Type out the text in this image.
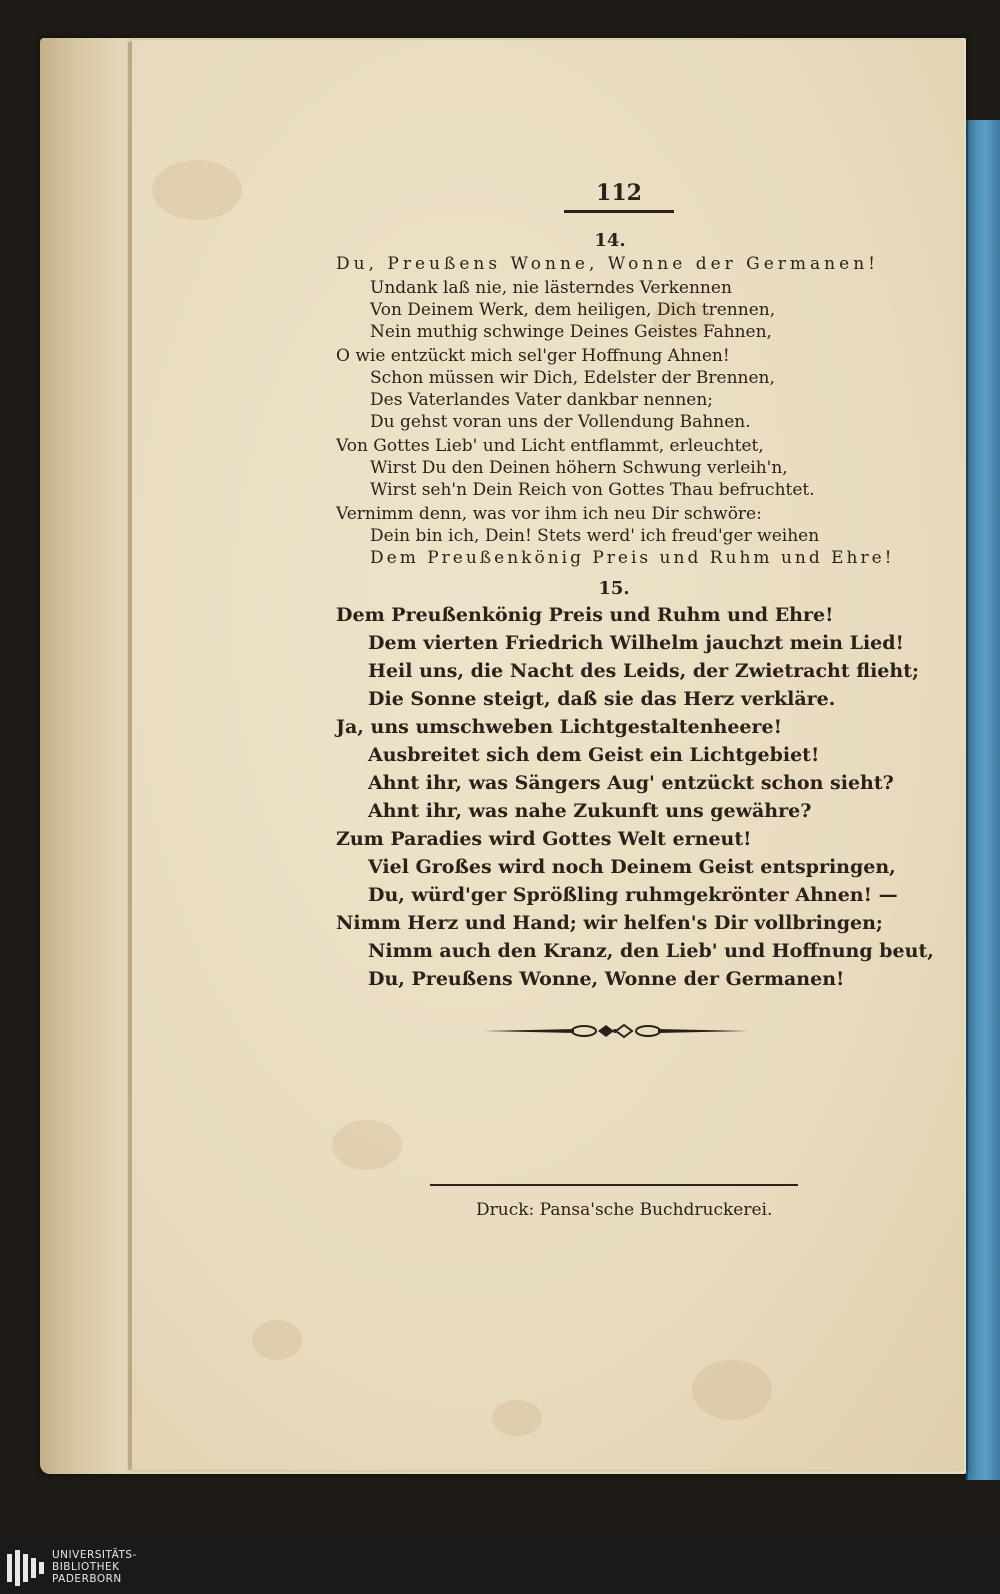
112
14.
Du, Preußens Wonne, Wonne der Germanen!
Undank laß nie, nie lästerndes Verkennen
Von Deinem Werk, dem heiligen, Dich trennen,
Nein muthig schwinge Deines Geistes Fahnen,
O wie entzückt mich sel'ger Hoffnung Ahnen!
Schon müssen wir Dich, Edelster der Brennen,
Des Vaterlandes Vater dankbar nennen;
Du gehst voran uns der Vollendung Bahnen.
Von Gottes Lieb' und Licht entflammt, erleuchtet,
Wirst Du den Deinen höhern Schwung verleih'n,
Wirst seh'n Dein Reich von Gottes Thau befruchtet.
Vernimm denn, was vor ihm ich neu Dir schwöre:
Dein bin ich, Dein! Stets werd' ich freud'ger weihen
Dem Preußenkönig Preis und Ruhm und Ehre!
15.
Dem Preußenkönig Preis und Ruhm und Ehre!
Dem vierten Friedrich Wilhelm jauchzt mein Lied!
Heil uns, die Nacht des Leids, der Zwietracht flieht;
Die Sonne steigt, daß sie das Herz verkläre.
Ja, uns umschweben Lichtgestaltenheere!
Ausbreitet sich dem Geist ein Lichtgebiet!
Ahnt ihr, was Sängers Aug' entzückt schon sieht?
Ahnt ihr, was nahe Zukunft uns gewähre?
Zum Paradies wird Gottes Welt erneut!
Viel Großes wird noch Deinem Geist entspringen,
Du, würd'ger Sprößling ruhmgekrönter Ahnen! —
Nimm Herz und Hand; wir helfen's Dir vollbringen;
Nimm auch den Kranz, den Lieb' und Hoffnung beut,
Du, Preußens Wonne, Wonne der Germanen!
Druck: Pansa'sche Buchdruckerei.
UNIVERSITÄTS-
BIBLIOTHEK
PADERBORN
